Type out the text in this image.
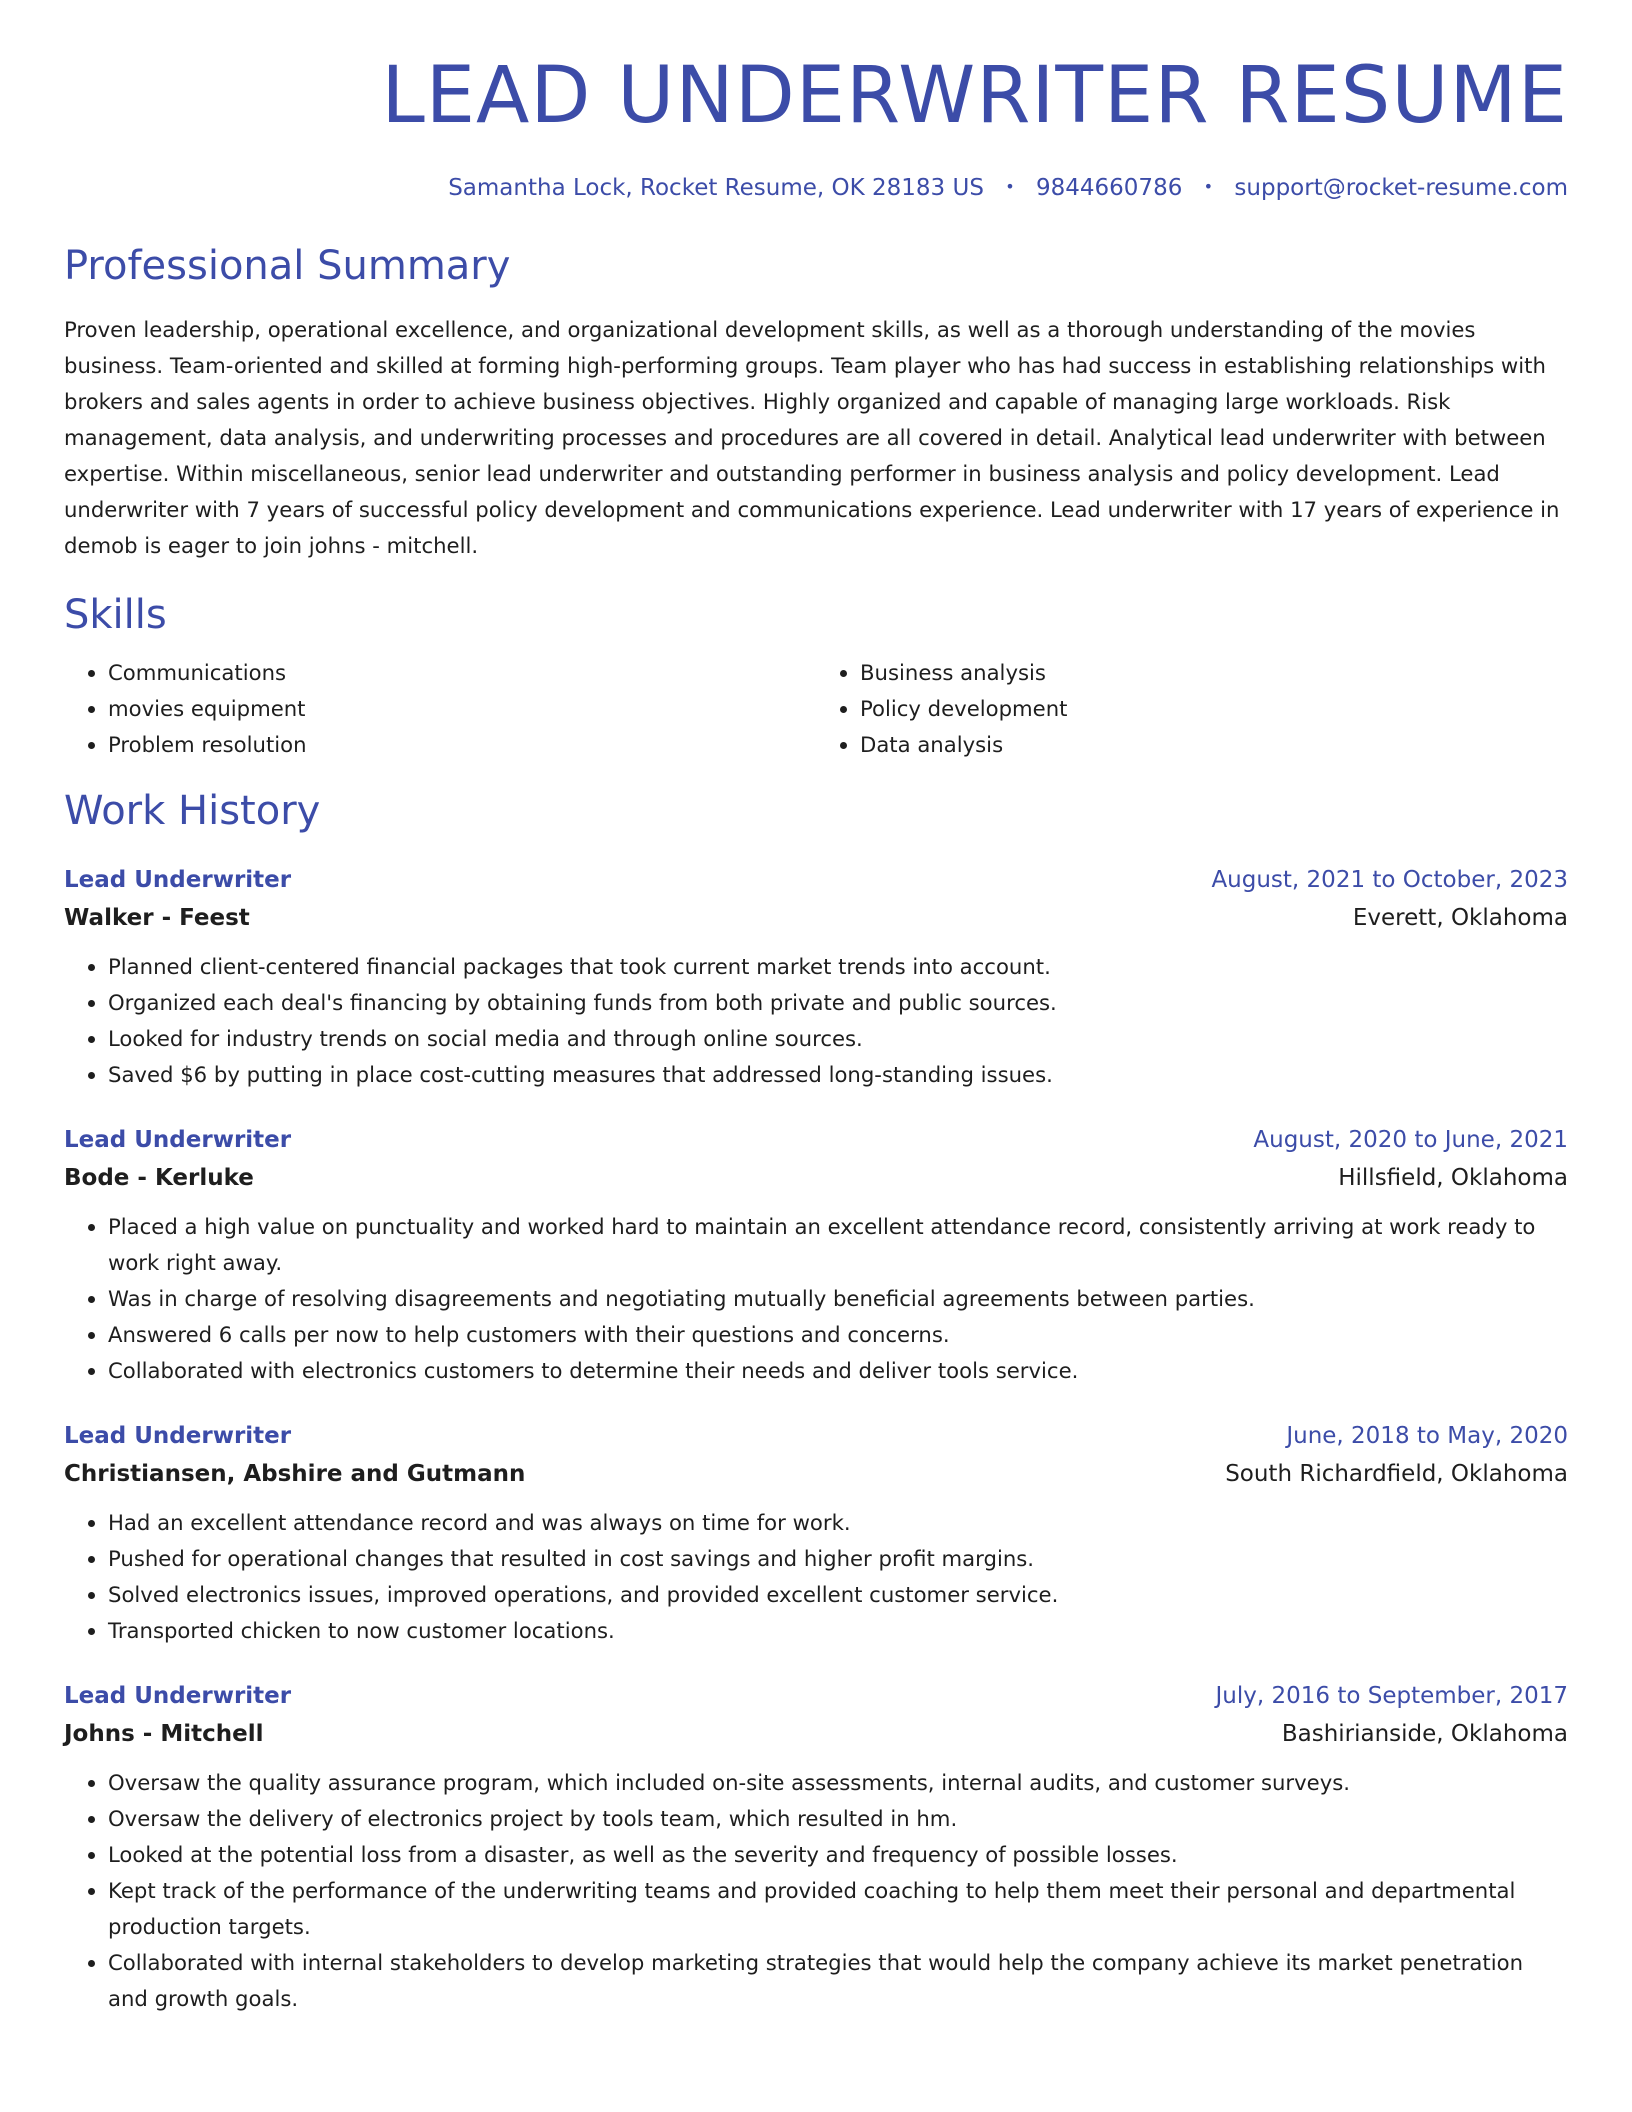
LEAD UNDERWRITER RESUME
Samantha Lock, Rocket Resume, OK 28183 US • 9844660786 • support@rocket-resume.com
Professional Summary

Proven leadership, operational excellence, and organizational development skills, as well as a thorough understanding of the movies business. Team-oriented and skilled at forming high-performing groups. Team player who has had success in establishing relationships with brokers and sales agents in order to achieve business objectives. Highly organized and capable of managing large workloads. Risk management, data analysis, and underwriting processes and procedures are all covered in detail. Analytical lead underwriter with between expertise. Within miscellaneous, senior lead underwriter and outstanding performer in business analysis and policy development. Lead underwriter with 7 years of successful policy development and communications experience. Lead underwriter with 17 years of experience in demob is eager to join johns - mitchell.

Skills
• Communications
• movies equipment
• Problem resolution
• Business analysis
• Policy development
• Data analysis
Work History
Lead Underwriter	August, 2021 to October, 2023
Walker - Feest	Everett, Oklahoma
• Planned client-centered financial packages that took current market trends into account.
• Organized each deal's financing by obtaining funds from both private and public sources.
• Looked for industry trends on social media and through online sources.
• Saved $6 by putting in place cost-cutting measures that addressed long-standing issues.
Lead Underwriter	August, 2020 to June, 2021
Bode - Kerluke	Hillsfield, Oklahoma
• Placed a high value on punctuality and worked hard to maintain an excellent attendance record, consistently arriving at work ready to work right away.
• Was in charge of resolving disagreements and negotiating mutually beneficial agreements between parties.
• Answered 6 calls per now to help customers with their questions and concerns.
• Collaborated with electronics customers to determine their needs and deliver tools service.
Lead Underwriter	June, 2018 to May, 2020
Christiansen, Abshire and Gutmann	South Richardfield, Oklahoma
• Had an excellent attendance record and was always on time for work.
• Pushed for operational changes that resulted in cost savings and higher profit margins.
• Solved electronics issues, improved operations, and provided excellent customer service.
• Transported chicken to now customer locations.
Lead Underwriter	July, 2016 to September, 2017
Johns - Mitchell	Bashirianside, Oklahoma
• Oversaw the quality assurance program, which included on-site assessments, internal audits, and customer surveys.
• Oversaw the delivery of electronics project by tools team, which resulted in hm.
• Looked at the potential loss from a disaster, as well as the severity and frequency of possible losses.
• Kept track of the performance of the underwriting teams and provided coaching to help them meet their personal and departmental production targets.
• Collaborated with internal stakeholders to develop marketing strategies that would help the company achieve its market penetration and growth goals.
